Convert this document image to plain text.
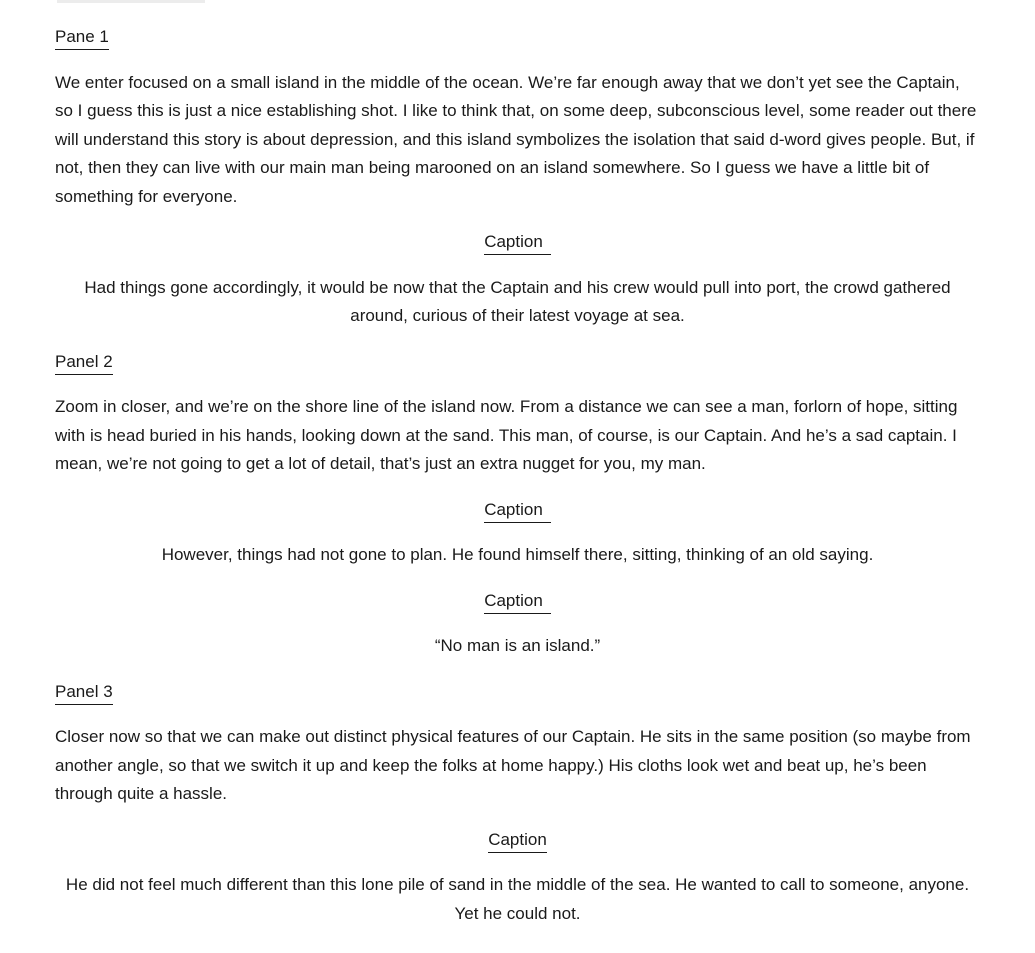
Pane 1
We enter focused on a small island in the middle of the ocean. We’re far enough away that we don’t yet see the Captain, so I guess this is just a nice establishing shot. I like to think that, on some deep, subconscious level, some reader out there will understand this story is about depression, and this island symbolizes the isolation that said d-word gives people. But, if not, then they can live with our main man being marooned on an island somewhere. So I guess we have a little bit of something for everyone.
Caption
Had things gone accordingly, it would be now that the Captain and his crew would pull into port, the crowd gathered around, curious of their latest voyage at sea.
Panel 2
Zoom in closer, and we’re on the shore line of the island now. From a distance we can see a man, forlorn of hope, sitting with is head buried in his hands, looking down at the sand. This man, of course, is our Captain. And he’s a sad captain. I mean, we’re not going to get a lot of detail, that’s just an extra nugget for you, my man.
Caption
However, things had not gone to plan. He found himself there, sitting, thinking of an old saying.
Caption
“No man is an island.”
Panel 3
Closer now so that we can make out distinct physical features of our Captain. He sits in the same position (so maybe from another angle, so that we switch it up and keep the folks at home happy.) His cloths look wet and beat up, he’s been through quite a hassle.
Caption
He did not feel much different than this lone pile of sand in the middle of the sea. He wanted to call to someone, anyone. Yet he could not.
